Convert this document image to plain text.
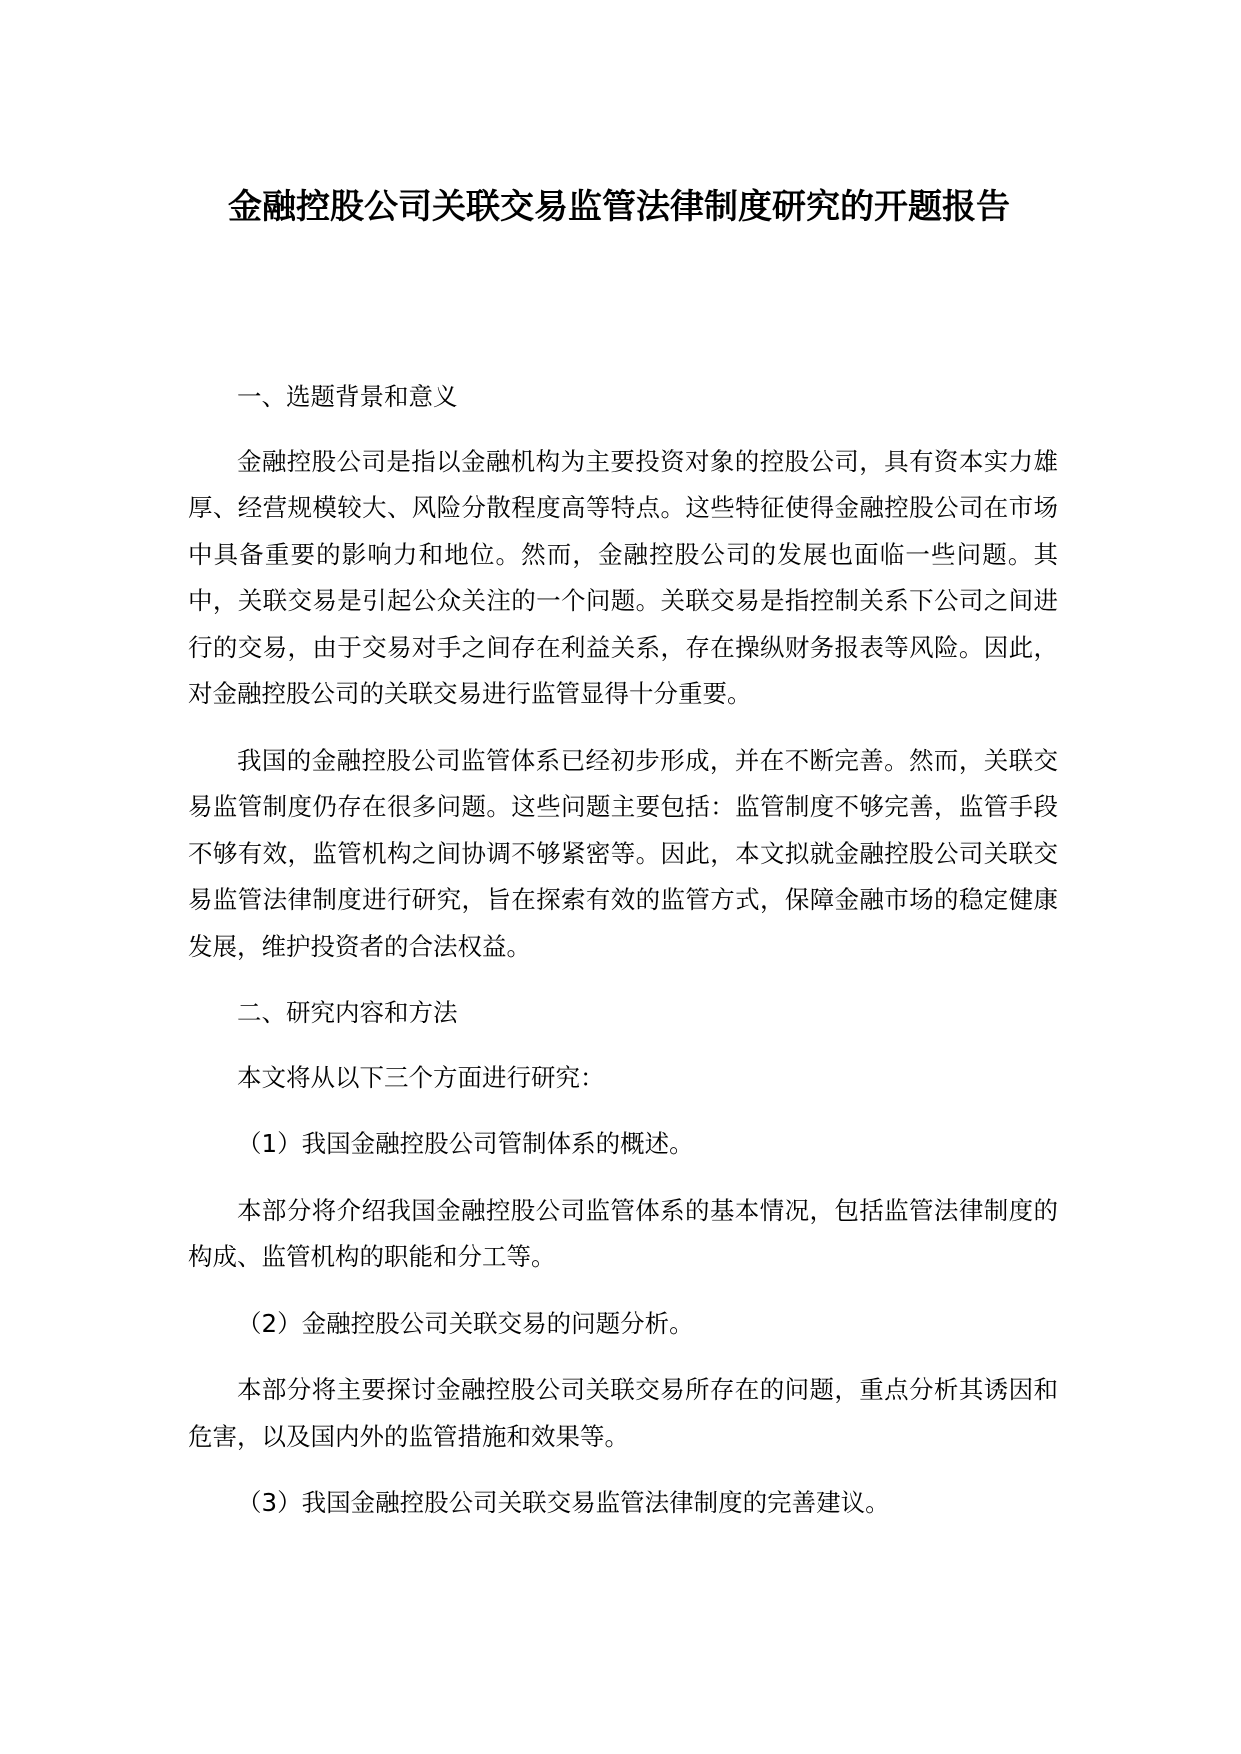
金融控股公司关联交易监管法律制度研究的开题报告

一、选题背景和意义

金融控股公司是指以金融机构为主要投资对象的控股公司，具有资本实力雄厚、经营规模较大、风险分散程度高等特点。这些特征使得金融控股公司在市场中具备重要的影响力和地位。然而，金融控股公司的发展也面临一些问题。其中，关联交易是引起公众关注的一个问题。关联交易是指控制关系下公司之间进行的交易，由于交易对手之间存在利益关系，存在操纵财务报表等风险。因此，对金融控股公司的关联交易进行监管显得十分重要。

我国的金融控股公司监管体系已经初步形成，并在不断完善。然而，关联交易监管制度仍存在很多问题。这些问题主要包括：监管制度不够完善，监管手段不够有效，监管机构之间协调不够紧密等。因此，本文拟就金融控股公司关联交易监管法律制度进行研究，旨在探索有效的监管方式，保障金融市场的稳定健康发展，维护投资者的合法权益。

二、研究内容和方法

本文将从以下三个方面进行研究：

（1）我国金融控股公司管制体系的概述。

本部分将介绍我国金融控股公司监管体系的基本情况，包括监管法律制度的构成、监管机构的职能和分工等。

（2）金融控股公司关联交易的问题分析。

本部分将主要探讨金融控股公司关联交易所存在的问题，重点分析其诱因和危害，以及国内外的监管措施和效果等。

（3）我国金融控股公司关联交易监管法律制度的完善建议。
